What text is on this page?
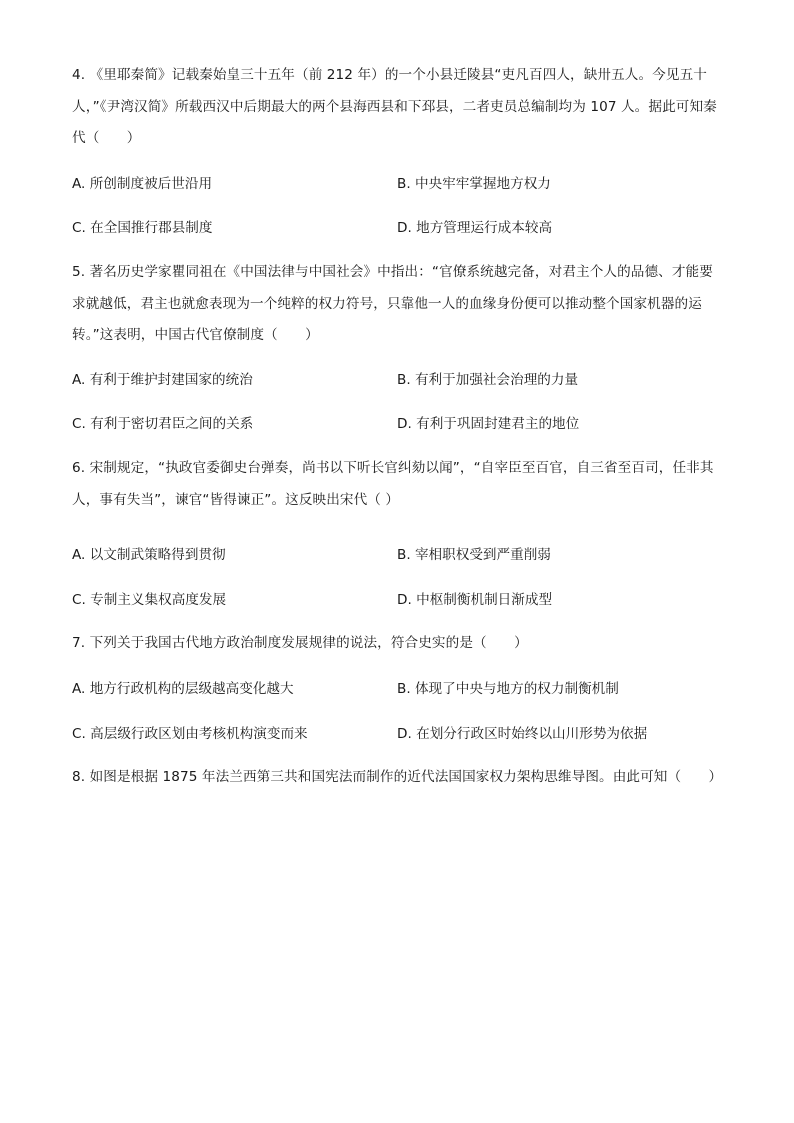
4. 《里耶秦简》记载秦始皇三十五年（前 212 年）的一个小县迁陵县“吏凡百四人，缺卅五人。今见五十人，”《尹湾汉简》所载西汉中后期最大的两个县海西县和下邳县，二者吏员总编制均为 107 人。据此可知秦代（　　）

A. 所创制度被后世沿用	B. 中央牢牢掌握地方权力

C. 在全国推行郡县制度	D. 地方管理运行成本较高

5. 著名历史学家瞿同祖在《中国法律与中国社会》中指出：“官僚系统越完备，对君主个人的品德、才能要求就越低，君主也就愈表现为一个纯粹的权力符号，只靠他一人的血缘身份便可以推动整个国家机器的运转。”这表明，中国古代官僚制度（　　）

A. 有利于维护封建国家的统治	B. 有利于加强社会治理的力量

C. 有利于密切君臣之间的关系	D. 有利于巩固封建君主的地位

6. 宋制规定，“执政官委御史台弹奏，尚书以下听长官纠劾以闻”，“自宰臣至百官，自三省至百司，任非其人，事有失当”，谏官“皆得谏正”。这反映出宋代（ ）

A. 以文制武策略得到贯彻	B. 宰相职权受到严重削弱

C. 专制主义集权高度发展	D. 中枢制衡机制日渐成型

7. 下列关于我国古代地方政治制度发展规律的说法，符合史实的是（　　）

A. 地方行政机构的层级越高变化越大	B. 体现了中央与地方的权力制衡机制

C. 高层级行政区划由考核机构演变而来	D. 在划分行政区时始终以山川形势为依据

8. 如图是根据 1875 年法兰西第三共和国宪法而制作的近代法国国家权力架构思维导图。由此可知（　　）
